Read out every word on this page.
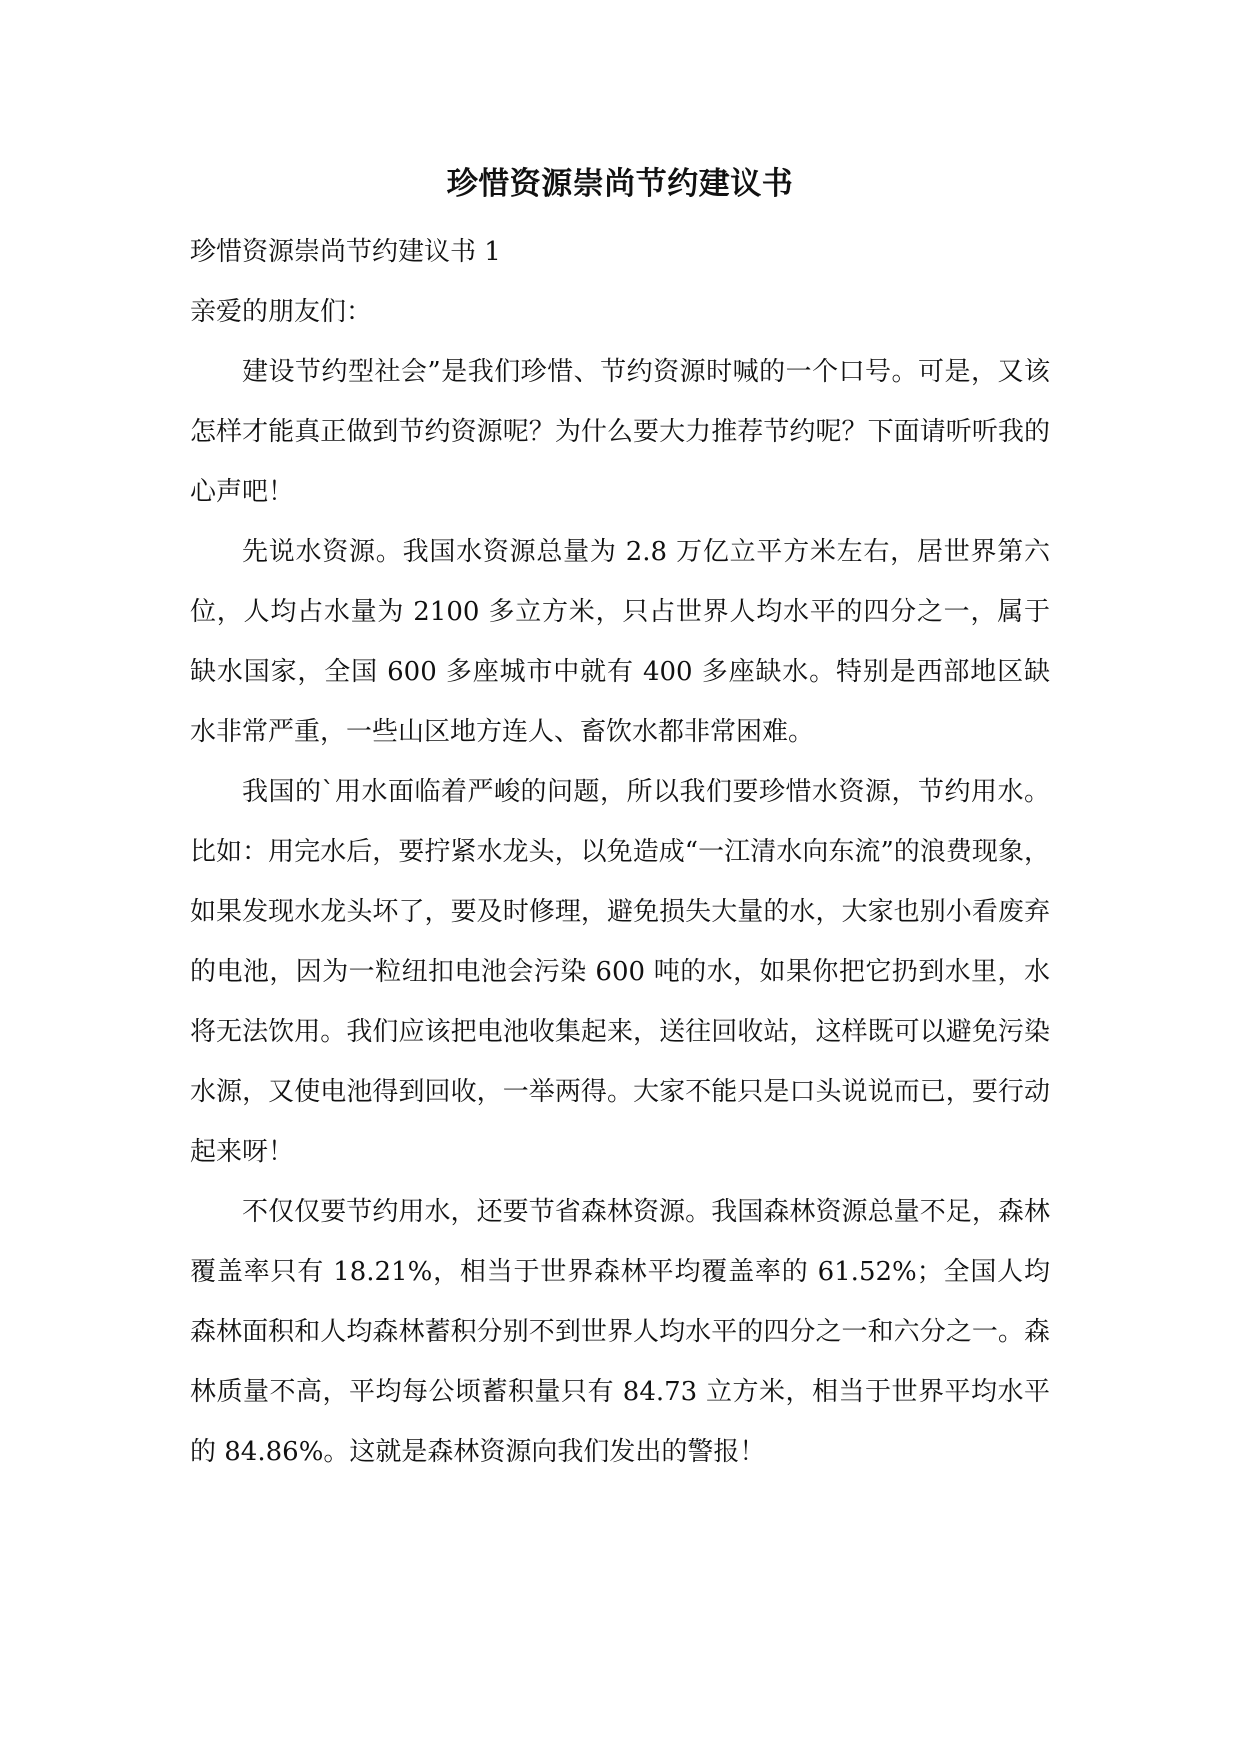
珍惜资源崇尚节约建议书

珍惜资源崇尚节约建议书 1

亲爱的朋友们：

建设节约型社会”是我们珍惜、节约资源时喊的一个口号。可是，又该怎样才能真正做到节约资源呢？为什么要大力推荐节约呢？下面请听听我的心声吧！

先说水资源。我国水资源总量为 2.8 万亿立平方米左右，居世界第六位，人均占水量为 2100 多立方米，只占世界人均水平的四分之一，属于缺水国家，全国 600 多座城市中就有 400 多座缺水。特别是西部地区缺水非常严重，一些山区地方连人、畜饮水都非常困难。

我国的`用水面临着严峻的问题，所以我们要珍惜水资源，节约用水。比如：用完水后，要拧紧水龙头，以免造成“一江清水向东流”的浪费现象，如果发现水龙头坏了，要及时修理，避免损失大量的水，大家也别小看废弃的电池，因为一粒纽扣电池会污染 600 吨的水，如果你把它扔到水里，水将无法饮用。我们应该把电池收集起来，送往回收站，这样既可以避免污染水源，又使电池得到回收，一举两得。大家不能只是口头说说而已，要行动起来呀！

不仅仅要节约用水，还要节省森林资源。我国森林资源总量不足，森林覆盖率只有 18.21%，相当于世界森林平均覆盖率的 61.52%；全国人均森林面积和人均森林蓄积分别不到世界人均水平的四分之一和六分之一。森林质量不高，平均每公顷蓄积量只有 84.73 立方米，相当于世界平均水平的 84.86%。这就是森林资源向我们发出的警报！
